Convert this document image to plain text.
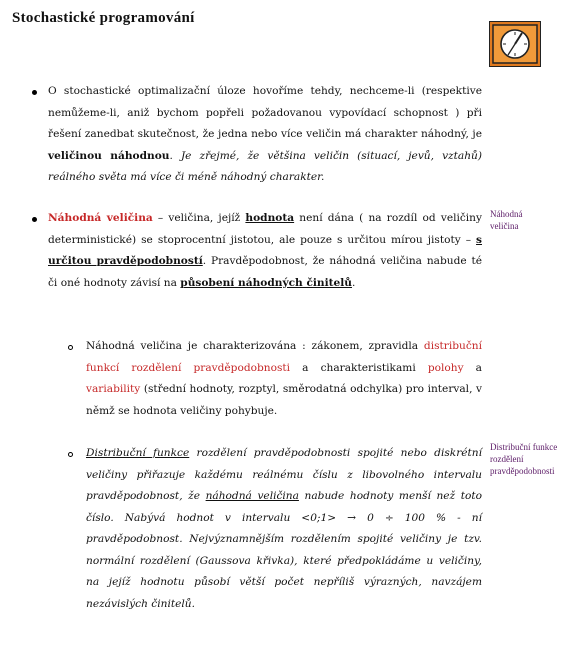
Stochastické programování
O stochastické optimalizační úloze hovoříme tehdy, nechceme-li (respektive nemůžeme-li, aniž bychom popřeli požadovanou vypovídací schopnost ) při řešení zanedbat skutečnost, že jedna nebo více veličin má charakter náhodný, je veličinou náhodnou. Je zřejmé, že většina veličin (situací, jevů, vztahů) reálného světa má více či méně náhodný charakter.
Náhodná veličina – veličina, jejíž hodnota není dána ( na rozdíl od veličiny deterministické) se stoprocentní jistotou, ale pouze s určitou mírou jistoty – s určitou pravděpodobností. Pravděpodobnost, že náhodná veličina nabude té či oné hodnoty závisí na působení náhodných činitelů.
Náhodná veličina
Náhodná veličina je charakterizována : zákonem, zpravidla distribuční funkcí rozdělení pravděpodobnosti a charakteristikami polohy a variability (střední hodnoty, rozptyl, směrodatná odchylka) pro interval, v němž se hodnota veličiny pohybuje.
Distribuční funkce rozdělení pravděpodobnosti spojité nebo diskrétní veličiny přiřazuje každému reálnému číslu z libovolného intervalu pravděpodobnost, že náhodná veličina nabude hodnoty menší než toto číslo. Nabývá hodnot v intervalu <0;1> → 0 ÷ 100 % - ní pravděpodobnost. Nejvýznamnějším rozdělením spojité veličiny je tzv. normální rozdělení (Gaussova křivka), které předpokládáme u veličiny, na jejíž hodnotu působí větší počet nepříliš výrazných, navzájem nezávislých činitelů.
Distribuční funkce rozdělení pravděpodobnosti
